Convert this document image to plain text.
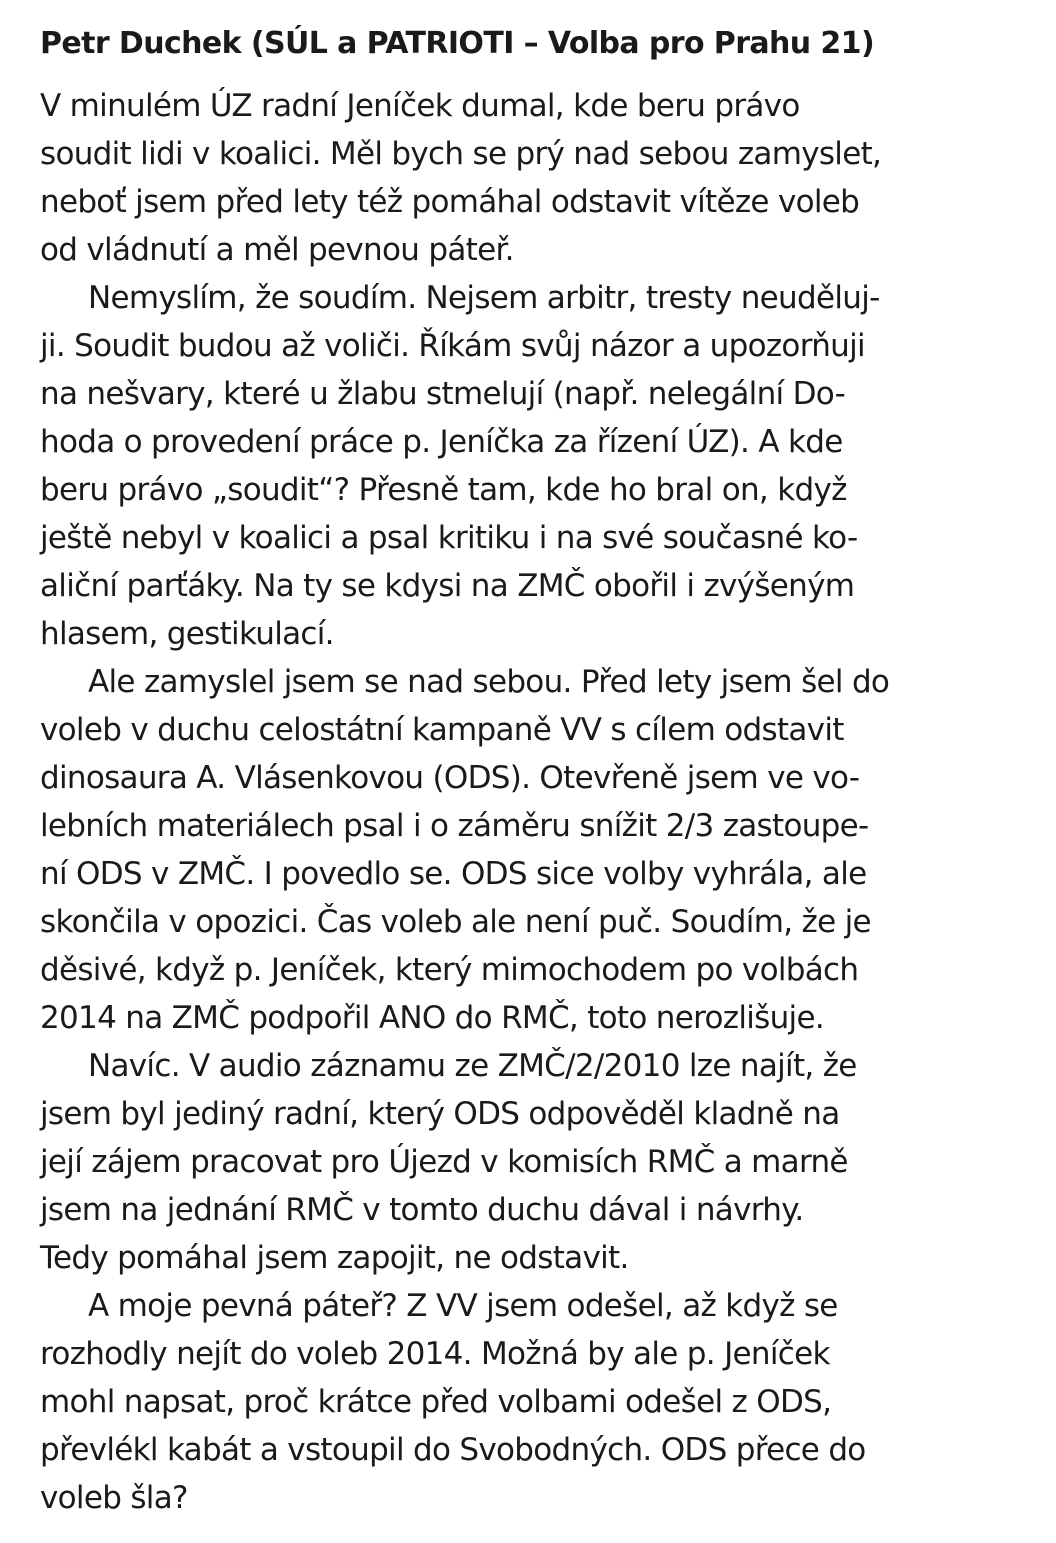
Petr Duchek (SÚL a PATRIOTI – Volba pro Prahu 21)

V minulém ÚZ radní Jeníček dumal, kde beru právo
soudit lidi v koalici. Měl bych se prý nad sebou zamyslet,
neboť jsem před lety též pomáhal odstavit vítěze voleb
od vládnutí a měl pevnou páteř.

Nemyslím, že soudím. Nejsem arbitr, tresty neuděluj-
ji. Soudit budou až voliči. Říkám svůj názor a upozorňuji
na nešvary, které u žlabu stmelují (např. nelegální Do-
hoda o provedení práce p. Jeníčka za řízení ÚZ). A kde
beru právo „soudit“? Přesně tam, kde ho bral on, když
ještě nebyl v koalici a psal kritiku i na své současné ko-
aliční parťáky. Na ty se kdysi na ZMČ obořil i zvýšeným
hlasem, gestikulací.

Ale zamyslel jsem se nad sebou. Před lety jsem šel do
voleb v duchu celostátní kampaně VV s cílem odstavit
dinosaura A. Vlásenkovou (ODS). Otevřeně jsem ve vo-
lebních materiálech psal i o záměru snížit 2/3 zastoupe-
ní ODS v ZMČ. I povedlo se. ODS sice volby vyhrála, ale
skončila v opozici. Čas voleb ale není puč. Soudím, že je
děsivé, když p. Jeníček, který mimochodem po volbách
2014 na ZMČ podpořil ANO do RMČ, toto nerozlišuje.

Navíc. V audio záznamu ze ZMČ/2/2010 lze najít, že
jsem byl jediný radní, který ODS odpověděl kladně na
její zájem pracovat pro Újezd v komisích RMČ a marně
jsem na jednání RMČ v tomto duchu dával i návrhy.
Tedy pomáhal jsem zapojit, ne odstavit.

A moje pevná páteř? Z VV jsem odešel, až když se
rozhodly nejít do voleb 2014. Možná by ale p. Jeníček
mohl napsat, proč krátce před volbami odešel z ODS,
převlékl kabát a vstoupil do Svobodných. ODS přece do
voleb šla?
